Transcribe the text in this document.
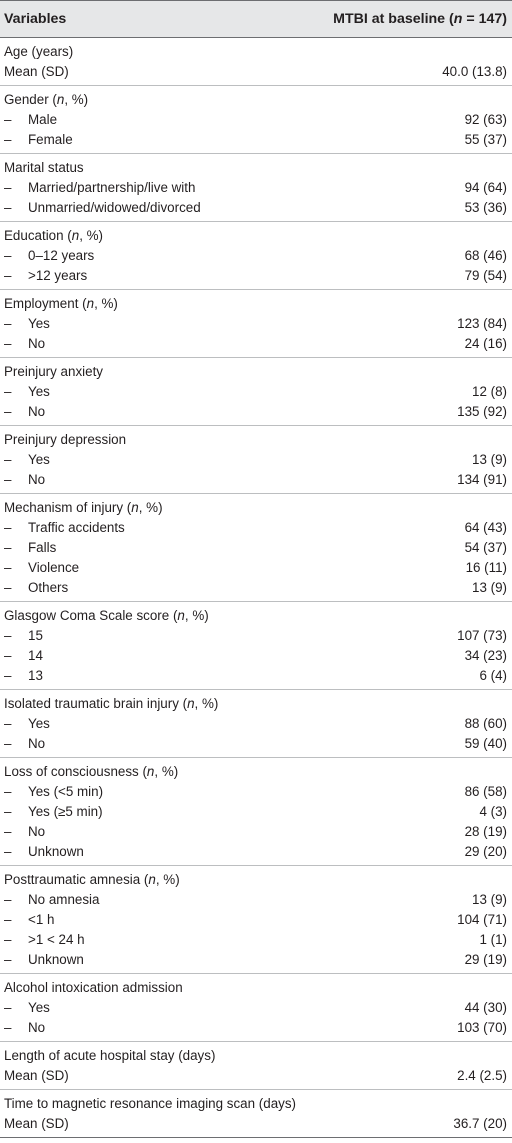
Variables	MTBI at baseline (n = 147)
Age (years)
Mean (SD)	40.0 (13.8)
Gender (n, %)
–	Male	92 (63)
–	Female	55 (37)
Marital status
–	Married/partnership/live with	94 (64)
–	Unmarried/widowed/divorced	53 (36)
Education (n, %)
–	0–12 years	68 (46)
–	>12 years	79 (54)
Employment (n, %)
–	Yes	123 (84)
–	No	24 (16)
Preinjury anxiety
–	Yes	12 (8)
–	No	135 (92)
Preinjury depression
–	Yes	13 (9)
–	No	134 (91)
Mechanism of injury (n, %)
–	Traffic accidents	64 (43)
–	Falls	54 (37)
–	Violence	16 (11)
–	Others	13 (9)
Glasgow Coma Scale score (n, %)
–	15	107 (73)
–	14	34 (23)
–	13	6 (4)
Isolated traumatic brain injury (n, %)
–	Yes	88 (60)
–	No	59 (40)
Loss of consciousness (n, %)
–	Yes (<5 min)	86 (58)
–	Yes (≥5 min)	4 (3)
–	No	28 (19)
–	Unknown	29 (20)
Posttraumatic amnesia (n, %)
–	No amnesia	13 (9)
–	<1 h	104 (71)
–	>1 < 24 h	1 (1)
–	Unknown	29 (19)
Alcohol intoxication admission
–	Yes	44 (30)
–	No	103 (70)
Length of acute hospital stay (days)
Mean (SD)	2.4 (2.5)
Time to magnetic resonance imaging scan (days)
Mean (SD)	36.7 (20)
